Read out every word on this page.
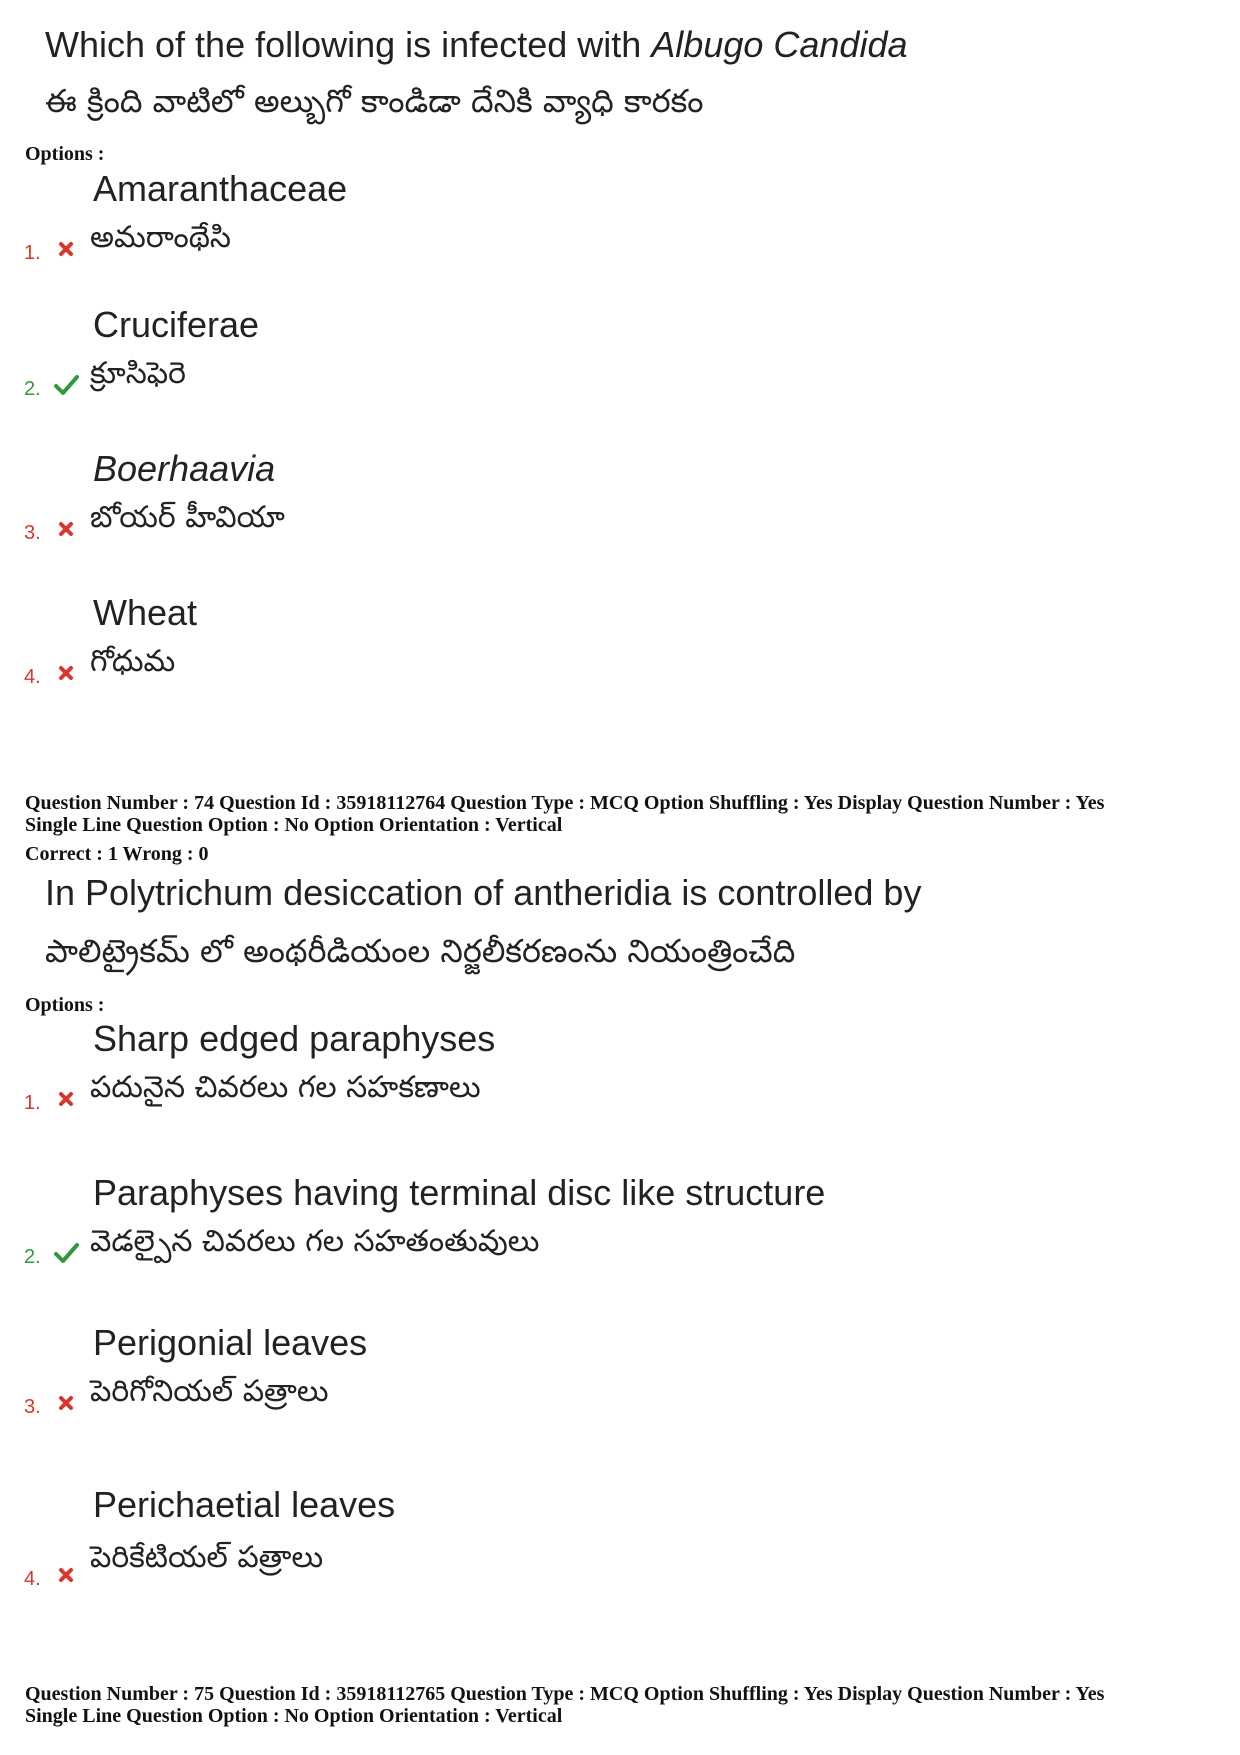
Which of the following is infected with Albugo Candida
ఈ క్రింది వాటిలో అల్బుగో కాండిడా దేనికి వ్యాధి కారకం
Options :
Amaranthaceae
అమరాంథేసి
1.
Cruciferae
క్రూసిఫెరె
2.
Boerhaavia
బోయర్ హీవియా
3.
Wheat
గోధుమ
4.
Question Number : 74 Question Id : 35918112764 Question Type : MCQ Option Shuffling : Yes Display Question Number : Yes
Single Line Question Option : No Option Orientation : Vertical
Correct : 1 Wrong : 0
In Polytrichum desiccation of antheridia is controlled by
పాలిట్రైకమ్ లో అంథరీడియంల నిర్జలీకరణంను నియంత్రించేది
Options :
Sharp edged paraphyses
పదునైన చివరలు గల సహకణాలు
1.
Paraphyses having terminal disc like structure
వెడల్పైన చివరలు గల సహతంతువులు
2.
Perigonial leaves
పెరిగోనియల్ పత్రాలు
3.
Perichaetial leaves
పెరికేటియల్ పత్రాలు
4.
Question Number : 75 Question Id : 35918112765 Question Type : MCQ Option Shuffling : Yes Display Question Number : Yes
Single Line Question Option : No Option Orientation : Vertical
